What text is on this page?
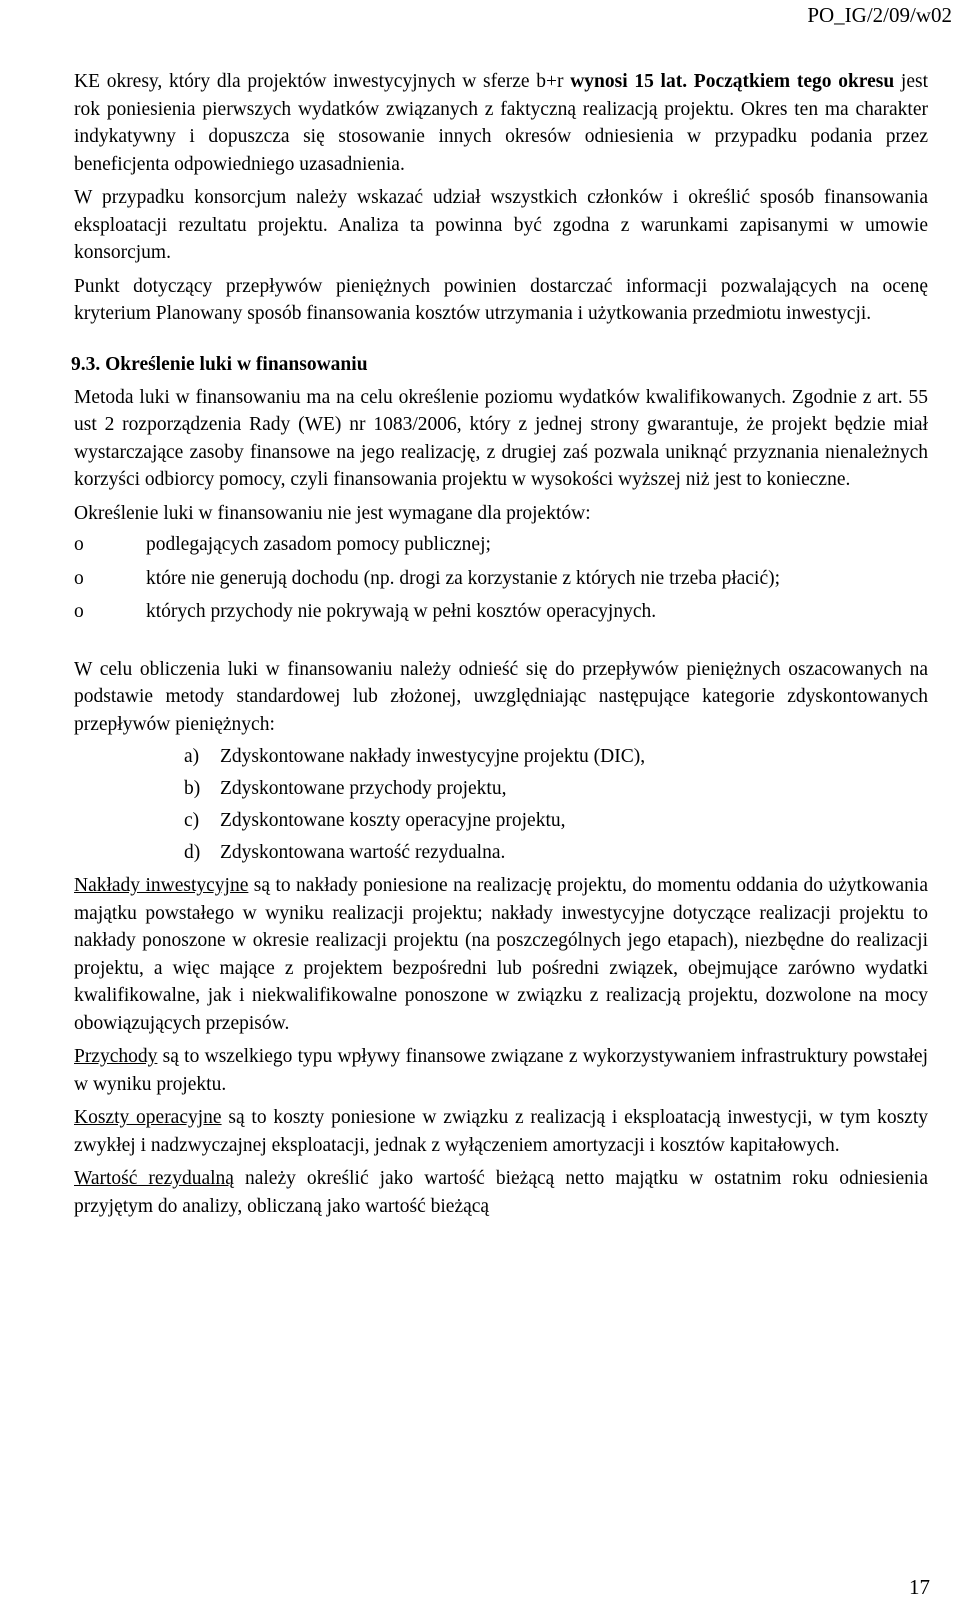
PO_IG/2/09/w02

KE okresy, który dla projektów inwestycyjnych w sferze b+r wynosi 15 lat. Początkiem tego okresu jest rok poniesienia pierwszych wydatków związanych z faktyczną realizacją projektu. Okres ten ma charakter indykatywny i dopuszcza się stosowanie innych okresów odniesienia w przypadku podania przez beneficjenta odpowiedniego uzasadnienia.

W przypadku konsorcjum należy wskazać udział wszystkich członków i określić sposób finansowania eksploatacji rezultatu projektu. Analiza ta powinna być zgodna z warunkami zapisanymi w umowie konsorcjum.

Punkt dotyczący przepływów pieniężnych powinien dostarczać informacji pozwalających na ocenę kryterium Planowany sposób finansowania kosztów utrzymania i użytkowania przedmiotu inwestycji.

9.3. Określenie luki w finansowaniu

Metoda luki w finansowaniu ma na celu określenie poziomu wydatków kwalifikowanych. Zgodnie z art. 55 ust 2 rozporządzenia Rady (WE) nr 1083/2006, który z jednej strony gwarantuje, że projekt będzie miał wystarczające zasoby finansowe na jego realizację, z drugiej zaś pozwala uniknąć przyznania nienależnych korzyści odbiorcy pomocy, czyli finansowania projektu w wysokości wyższej niż jest to konieczne.

Określenie luki w finansowaniu nie jest wymagane dla projektów:

o	podlegających zasadom pomocy publicznej;
o	które nie generują dochodu (np. drogi za korzystanie z których nie trzeba płacić);
o	których przychody nie pokrywają w pełni kosztów operacyjnych.

W celu obliczenia luki w finansowaniu należy odnieść się do przepływów pieniężnych oszacowanych na podstawie metody standardowej lub złożonej, uwzględniając następujące kategorie zdyskontowanych przepływów pieniężnych:

a) Zdyskontowane nakłady inwestycyjne projektu (DIC),
b) Zdyskontowane przychody projektu,
c) Zdyskontowane koszty operacyjne projektu,
d) Zdyskontowana wartość rezydualna.

Nakłady inwestycyjne są to nakłady poniesione na realizację projektu, do momentu oddania do użytkowania majątku powstałego w wyniku realizacji projektu; nakłady inwestycyjne dotyczące realizacji projektu to nakłady ponoszone w okresie realizacji projektu (na poszczególnych jego etapach), niezbędne do realizacji projektu, a więc mające z projektem bezpośredni lub pośredni związek, obejmujące zarówno wydatki kwalifikowalne, jak i niekwalifikowalne ponoszone w związku z realizacją projektu, dozwolone na mocy obowiązujących przepisów.

Przychody są to wszelkiego typu wpływy finansowe związane z wykorzystywaniem infrastruktury powstałej w wyniku projektu.

Koszty operacyjne są to koszty poniesione w związku z realizacją i eksploatacją inwestycji, w tym koszty zwykłej i nadzwyczajnej eksploatacji, jednak z wyłączeniem amortyzacji i kosztów kapitałowych.

Wartość rezydualną należy określić jako wartość bieżącą netto majątku w ostatnim roku odniesienia przyjętym do analizy, obliczaną jako wartość bieżącą

17
